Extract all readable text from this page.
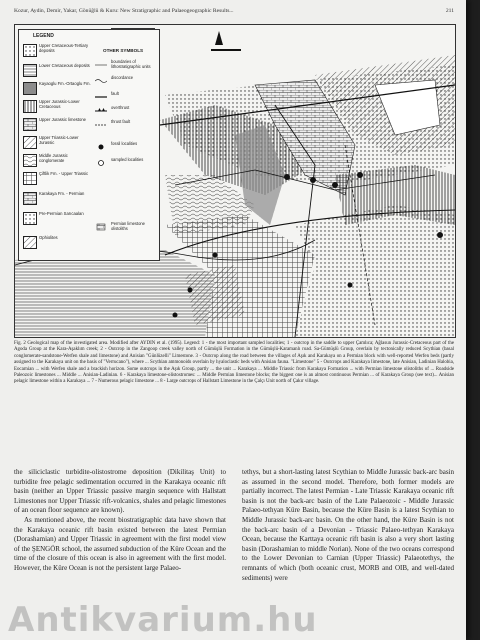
Kozur, Aydin, Demir, Yakar, Gönüğlü & Kuru: New Stratigraphic and Palaeogeographic Results...	211
LEGEND
OTHER SYMBOLS
Upper Cretaceous-Tertiary deposits
Lower Cretaceous deposits
Kayaoglu Fm.-Ortaoglu Fm.
Upper Jurassic-Lower Cretaceous
Upper Jurassic limestone
Upper Triassic-Lower Jurassic
Middle Jurassic conglomerate
Çiftlik Fm. - Upper Triassic
Karakaya Fm. - Permian
Pre-Permian Sarıcaalan
Ophiolites
boundaries of lithostratigraphic units
discordance
fault
overthrust
thrust fault
fossil localities
sampled localities
Permian limestone olistoliths
Fig. 2 Geological map of the investigated area. Modified after AYDIN et al. (1995). Legend: 1 - the most important sampled localities; 1 - outcrop in the saddle to upper Çamlıca; Ağlasun Jurassic-Cretaceous part of the Agoda Group at the Kara-Aşaklım creek; 2 - Outcrop in the Zangoop creek valley north of Gümüşlü Formation in the Gümüşlü-Karamanlı road. Sa-Gümüşlü Group, overlain by tectonically reduced Scythian (basal conglomerate-sandstone-Werfen shale and limestone) and Anisian "Günlüzelli" Limestone. 3 - Outcrop along the road between the villages of Aşık and Karakaya on a Permian block with well-reported Werfen beds (partly assigned to the Karakaya unit on the basis of "Verrucano"), where ... Scythian ammonoids overlain by hyaloclastic beds with Anisian fauna. "Limestone" 5 - Outcrops and Karakaya limestone, late Anisian, Ladinian Halobia, Eocarnian ... with Werfen shale and a brackish horizon. Some outcrops in the Aşık Group, partly ... the unit ... Karakaya ... Middle Triassic from Karakaya Formation ... with Permian limestone olistoliths of ... Roadside Paleozoic limestones ... Middle ... Anisian-Ladinian. 6 - Karakaya limestone-olistostromes: ... Middle Permian limestone blocks; the biggest one is an almost continuous Permian ... of Karakaya Group (see text)... Anisian pelagic limestone within a Karakaya ... 7 - Numerous pelagic limestone ... 8 - Large outcrops of Hallstatt Limestone in the Çalçı Unit north of Çakır village.

the siliciclastic turbidite-olistostrome deposition (Dikilitaş Unit) to turbidite free pelagic sedimentation occurred in the Karakaya oceanic rift basin (neither an Upper Triassic passive margin sequence with Hallstatt Limestones nor Upper Triassic rift-volcanics, shales and pelagic limestones of an ocean floor sequence are known).

As mentioned above, the recent biostratigraphic data have shown that the Karakaya oceanic rift basin existed between the latest Permian (Dorashamian) and Upper Triassic in agreement with the first model view of the ŞENGÖR school, the assumed subduction of the Küre Ocean and the time of the closure of this ocean is also in agreement with the first model. However, the Küre Ocean is not the persistent large Palaeo-

tethys, but a short-lasting latest Scythian to Middle Jurassic back-arc basin as assumed in the second model. Therefore, both former models are partially incorrect. The latest Permian - Late Triassic Karakaya oceanic rift basin is not the back-arc basin of the Late Palaeozoic - Middle Jurassic Palaeo-tethyan Küre Basin, because the Küre Basin is a latest Scythian to Middle Jurassic back-arc basin. On the other hand, the Küre Basin is not the back-arc basin of a Devonian - Triassic Palaeo-tethyan Karakaya Ocean, because the Karttaya oceanic rift basin is also a very short lasting basin (Dorashamian to middle Norian). None of the two oceans correspond to the Lower Devonian to Carnian (Upper Triassic) Palaeotethys, the remnants of which (both oceanic crust, MORB and OIB, and well-dated sediments) were

Antikvarium.hu
